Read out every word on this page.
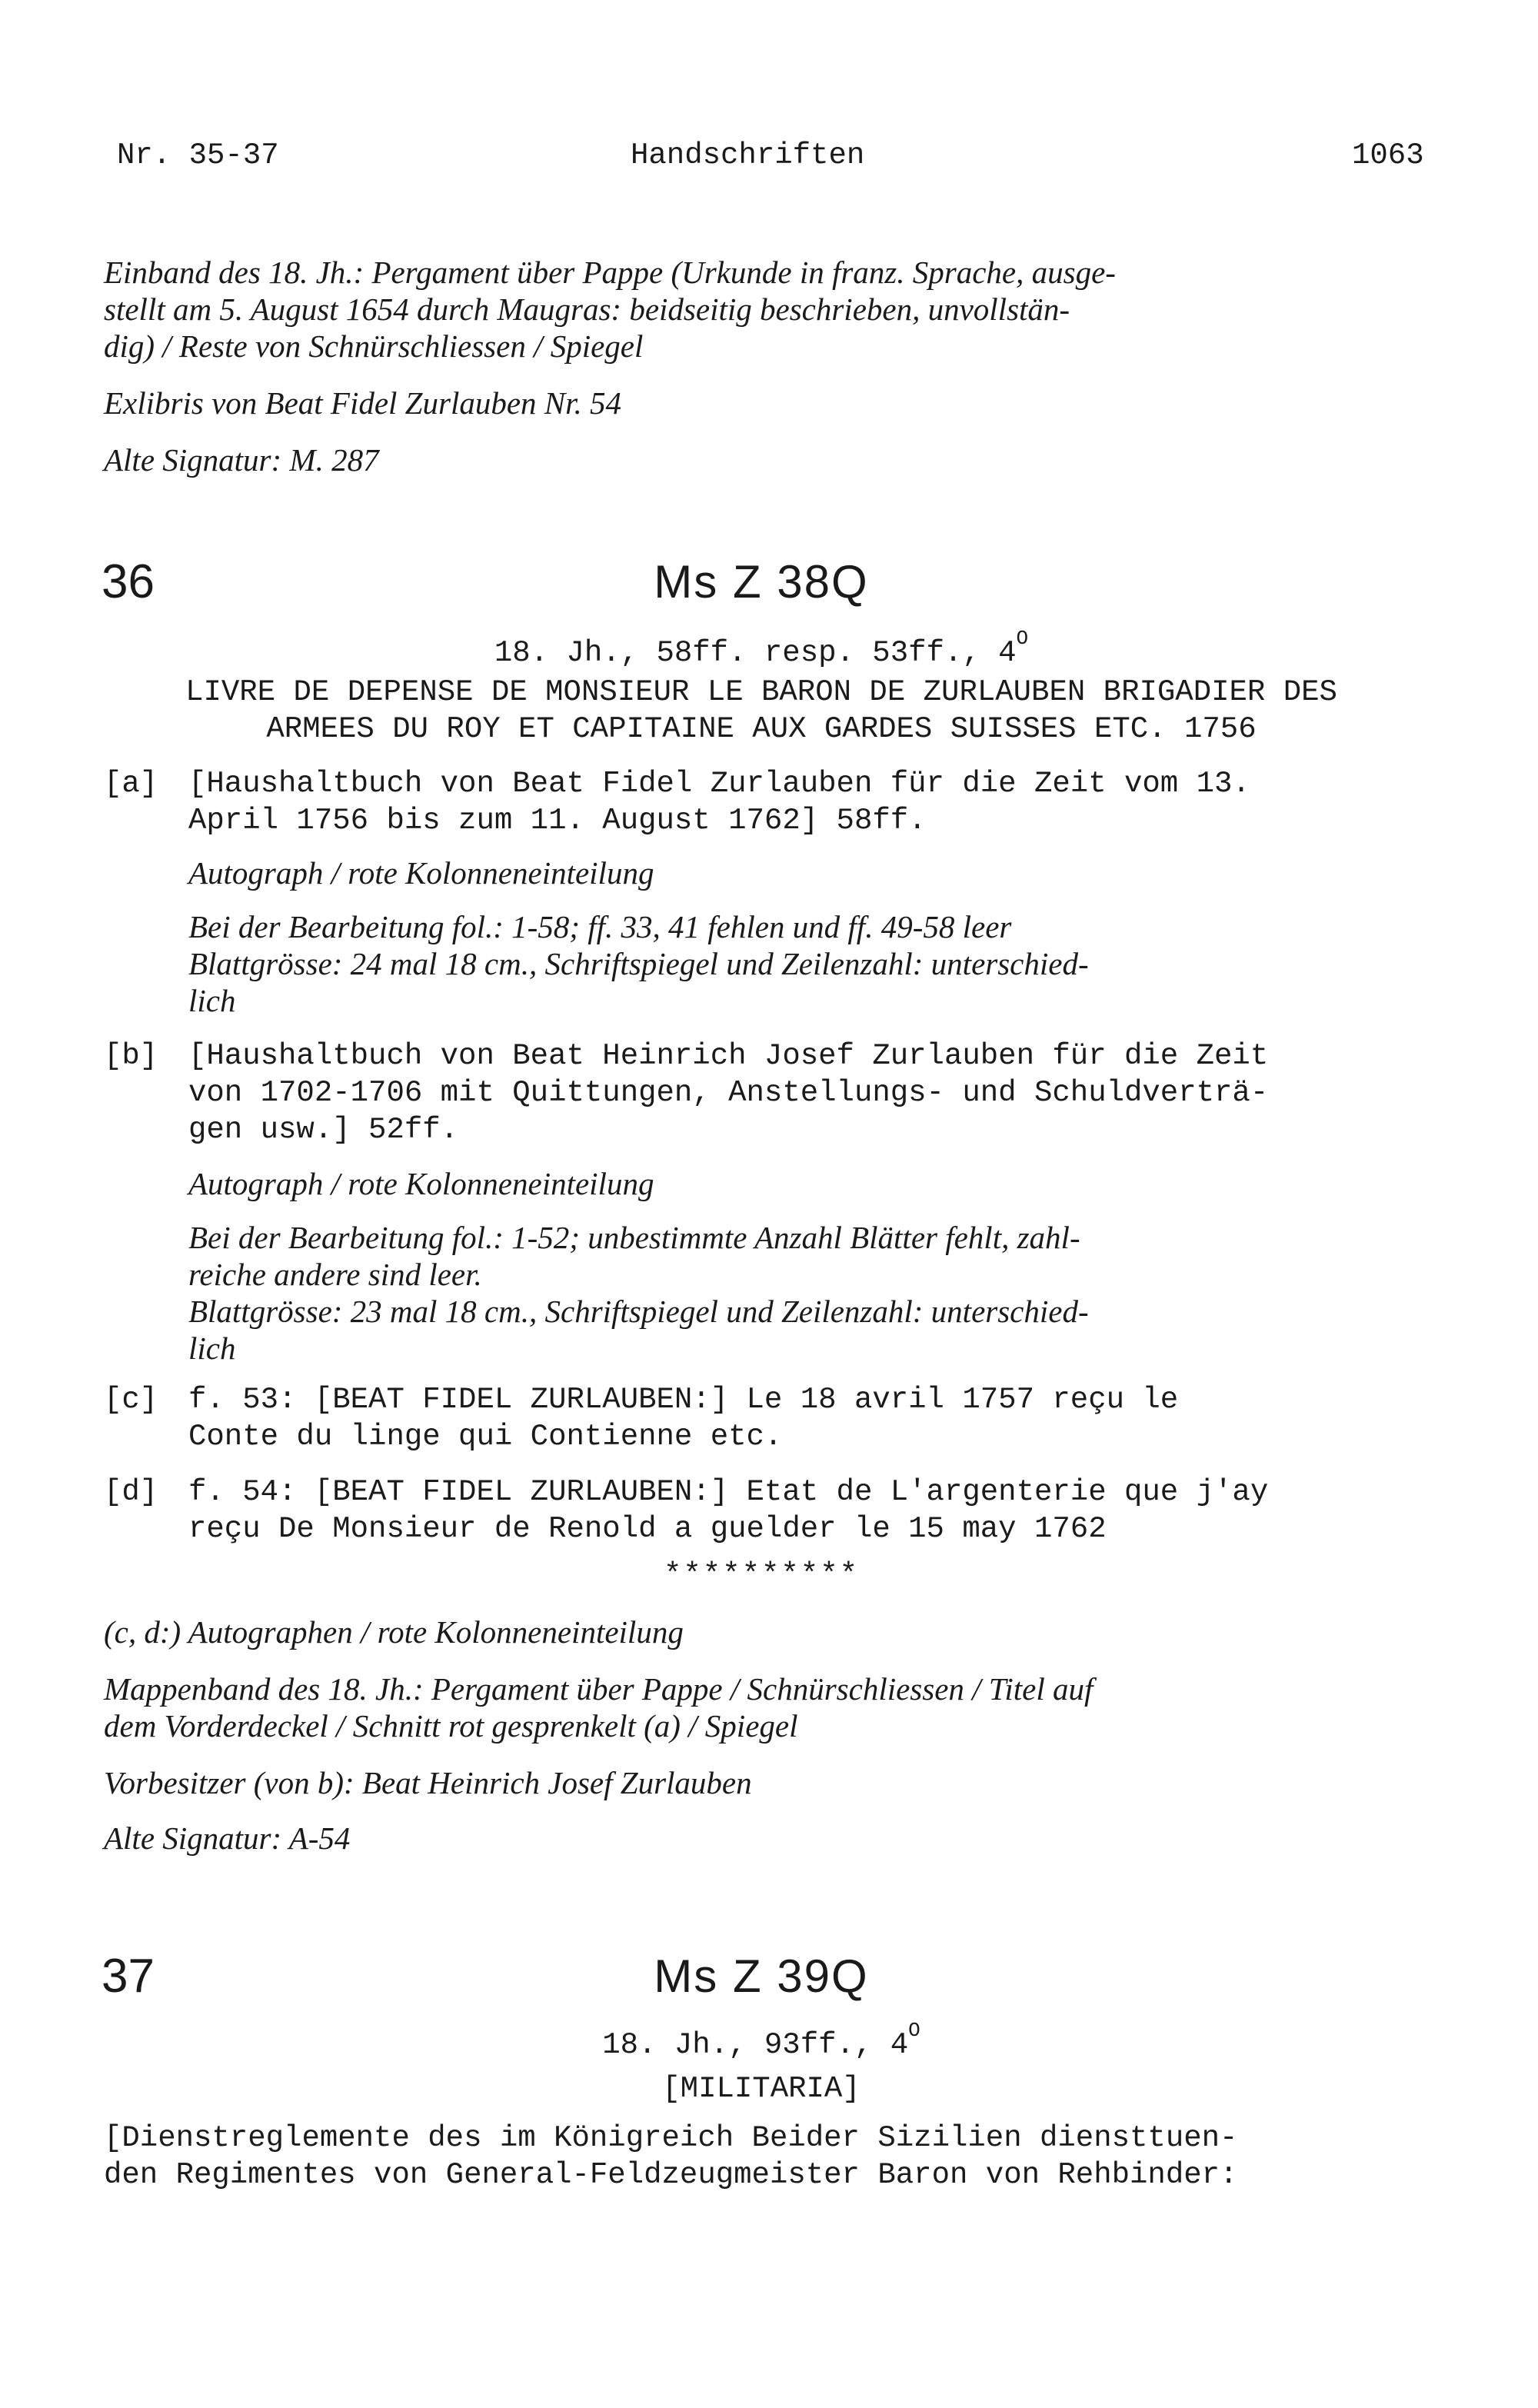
Nr. 35-37	Handschriften	1063
Einband des 18. Jh.: Pergament über Pappe (Urkunde in franz. Sprache, ausge-
stellt am 5. August 1654 durch Maugras: beidseitig beschrieben, unvollstän-
dig) / Reste von Schnürschliessen / Spiegel
Exlibris von Beat Fidel Zurlauben Nr. 54
Alte Signatur: M. 287
36	Ms Z 38Q
18. Jh., 58ff. resp. 53ff., $4^O$
LIVRE DE DEPENSE DE MONSIEUR LE BARON DE ZURLAUBEN BRIGADIER DES
ARMEES DU ROY ET CAPITAINE AUX GARDES SUISSES ETC. 1756
[a]	[Haushaltbuch von Beat Fidel Zurlauben für die Zeit vom 13.
April 1756 bis zum 11. August 1762] 58ff.
Autograph / rote Kolonneneinteilung
Bei der Bearbeitung fol.: 1-58; ff. 33, 41 fehlen und ff. 49-58 leer
Blattgrösse: 24 mal 18 cm., Schriftspiegel und Zeilenzahl: unterschied-
lich
[b]	[Haushaltbuch von Beat Heinrich Josef Zurlauben für die Zeit
von 1702-1706 mit Quittungen, Anstellungs- und Schuldverträ-
gen usw.] 52ff.
Autograph / rote Kolonneneinteilung
Bei der Bearbeitung fol.: 1-52; unbestimmte Anzahl Blätter fehlt, zahl-
reiche andere sind leer.
Blattgrösse: 23 mal 18 cm., Schriftspiegel und Zeilenzahl: unterschied-
lich
[c]	f. 53: [BEAT FIDEL ZURLAUBEN:] Le 18 avril 1757 reçu le
Conte du linge qui Contienne etc.
[d]	f. 54: [BEAT FIDEL ZURLAUBEN:] Etat de L'argenterie que j'ay
reçu De Monsieur de Renold a guelder le 15 may 1762
**********
(c, d:) Autographen / rote Kolonneneinteilung
Mappenband des 18. Jh.: Pergament über Pappe / Schnürschliessen / Titel auf
dem Vorderdeckel / Schnitt rot gesprenkelt (a) / Spiegel
Vorbesitzer (von b): Beat Heinrich Josef Zurlauben
Alte Signatur: A-54
37	Ms Z 39Q
18. Jh., 93ff., $4^O$
[MILITARIA]
[Dienstreglemente des im Königreich Beider Sizilien diensttuen-
den Regimentes von General-Feldzeugmeister Baron von Rehbinder:
